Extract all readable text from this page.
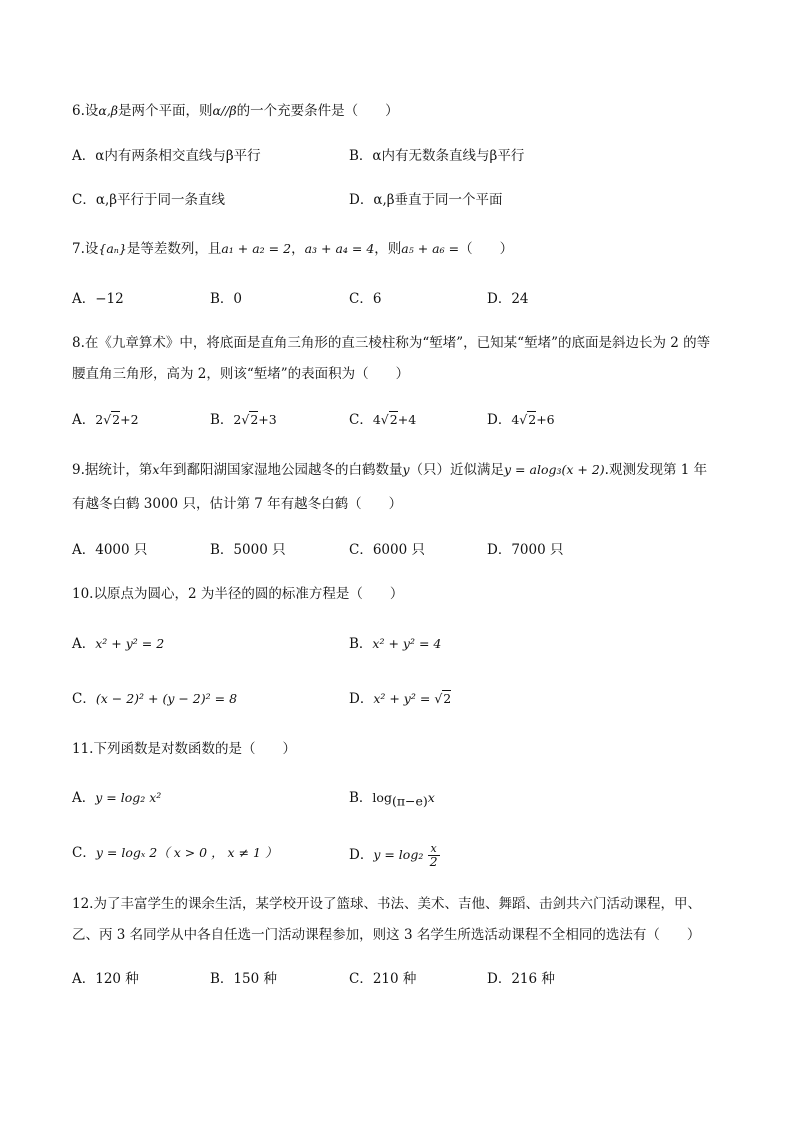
6.设α,β是两个平面，则α//β的一个充要条件是（　　）
A．α内有两条相交直线与β平行	B．α内有无数条直线与β平行
C．α,β平行于同一条直线	D．α,β垂直于同一个平面
7.设{aₙ}是等差数列，且a₁ + a₂ = 2，a₃ + a₄ = 4，则a₅ + a₆ =（　　）
A．−12	B．0	C．6	D．24
8.在《九章算术》中，将底面是直角三角形的直三棱柱称为“堑堵”，已知某“堑堵”的底面是斜边长为 2 的等
腰直角三角形，高为 2，则该“堑堵”的表面积为（　　）
A．2√2+2	B．2√2+3	C．4√2+4	D．4√2+6
9.据统计，第x年到鄱阳湖国家湿地公园越冬的白鹤数量y（只）近似满足y = alog₃(x + 2).观测发现第 1 年
有越冬白鹤 3000 只，估计第 7 年有越冬白鹤（　　）
A．4000 只	B．5000 只	C．6000 只	D．7000 只
10.以原点为圆心，2 为半径的圆的标准方程是（　　）
A．x² + y² = 2	B．x² + y² = 4
C．(x − 2)² + (y − 2)² = 8	D．x² + y² = √2
11.下列函数是对数函数的是（　　）
A．y = log₂ x²	B．$\log_{(\pi-e)}x$
C．y = logₓ 2（ x > 0 ， x ≠ 1 ）	D．$y = \log_2 \frac{x}{2}$
12.为了丰富学生的课余生活，某学校开设了篮球、书法、美术、吉他、舞蹈、击剑共六门活动课程，甲、
乙、丙 3 名同学从中各自任选一门活动课程参加，则这 3 名学生所选活动课程不全相同的选法有（　　）
A．120 种	B．150 种	C．210 种	D．216 种
